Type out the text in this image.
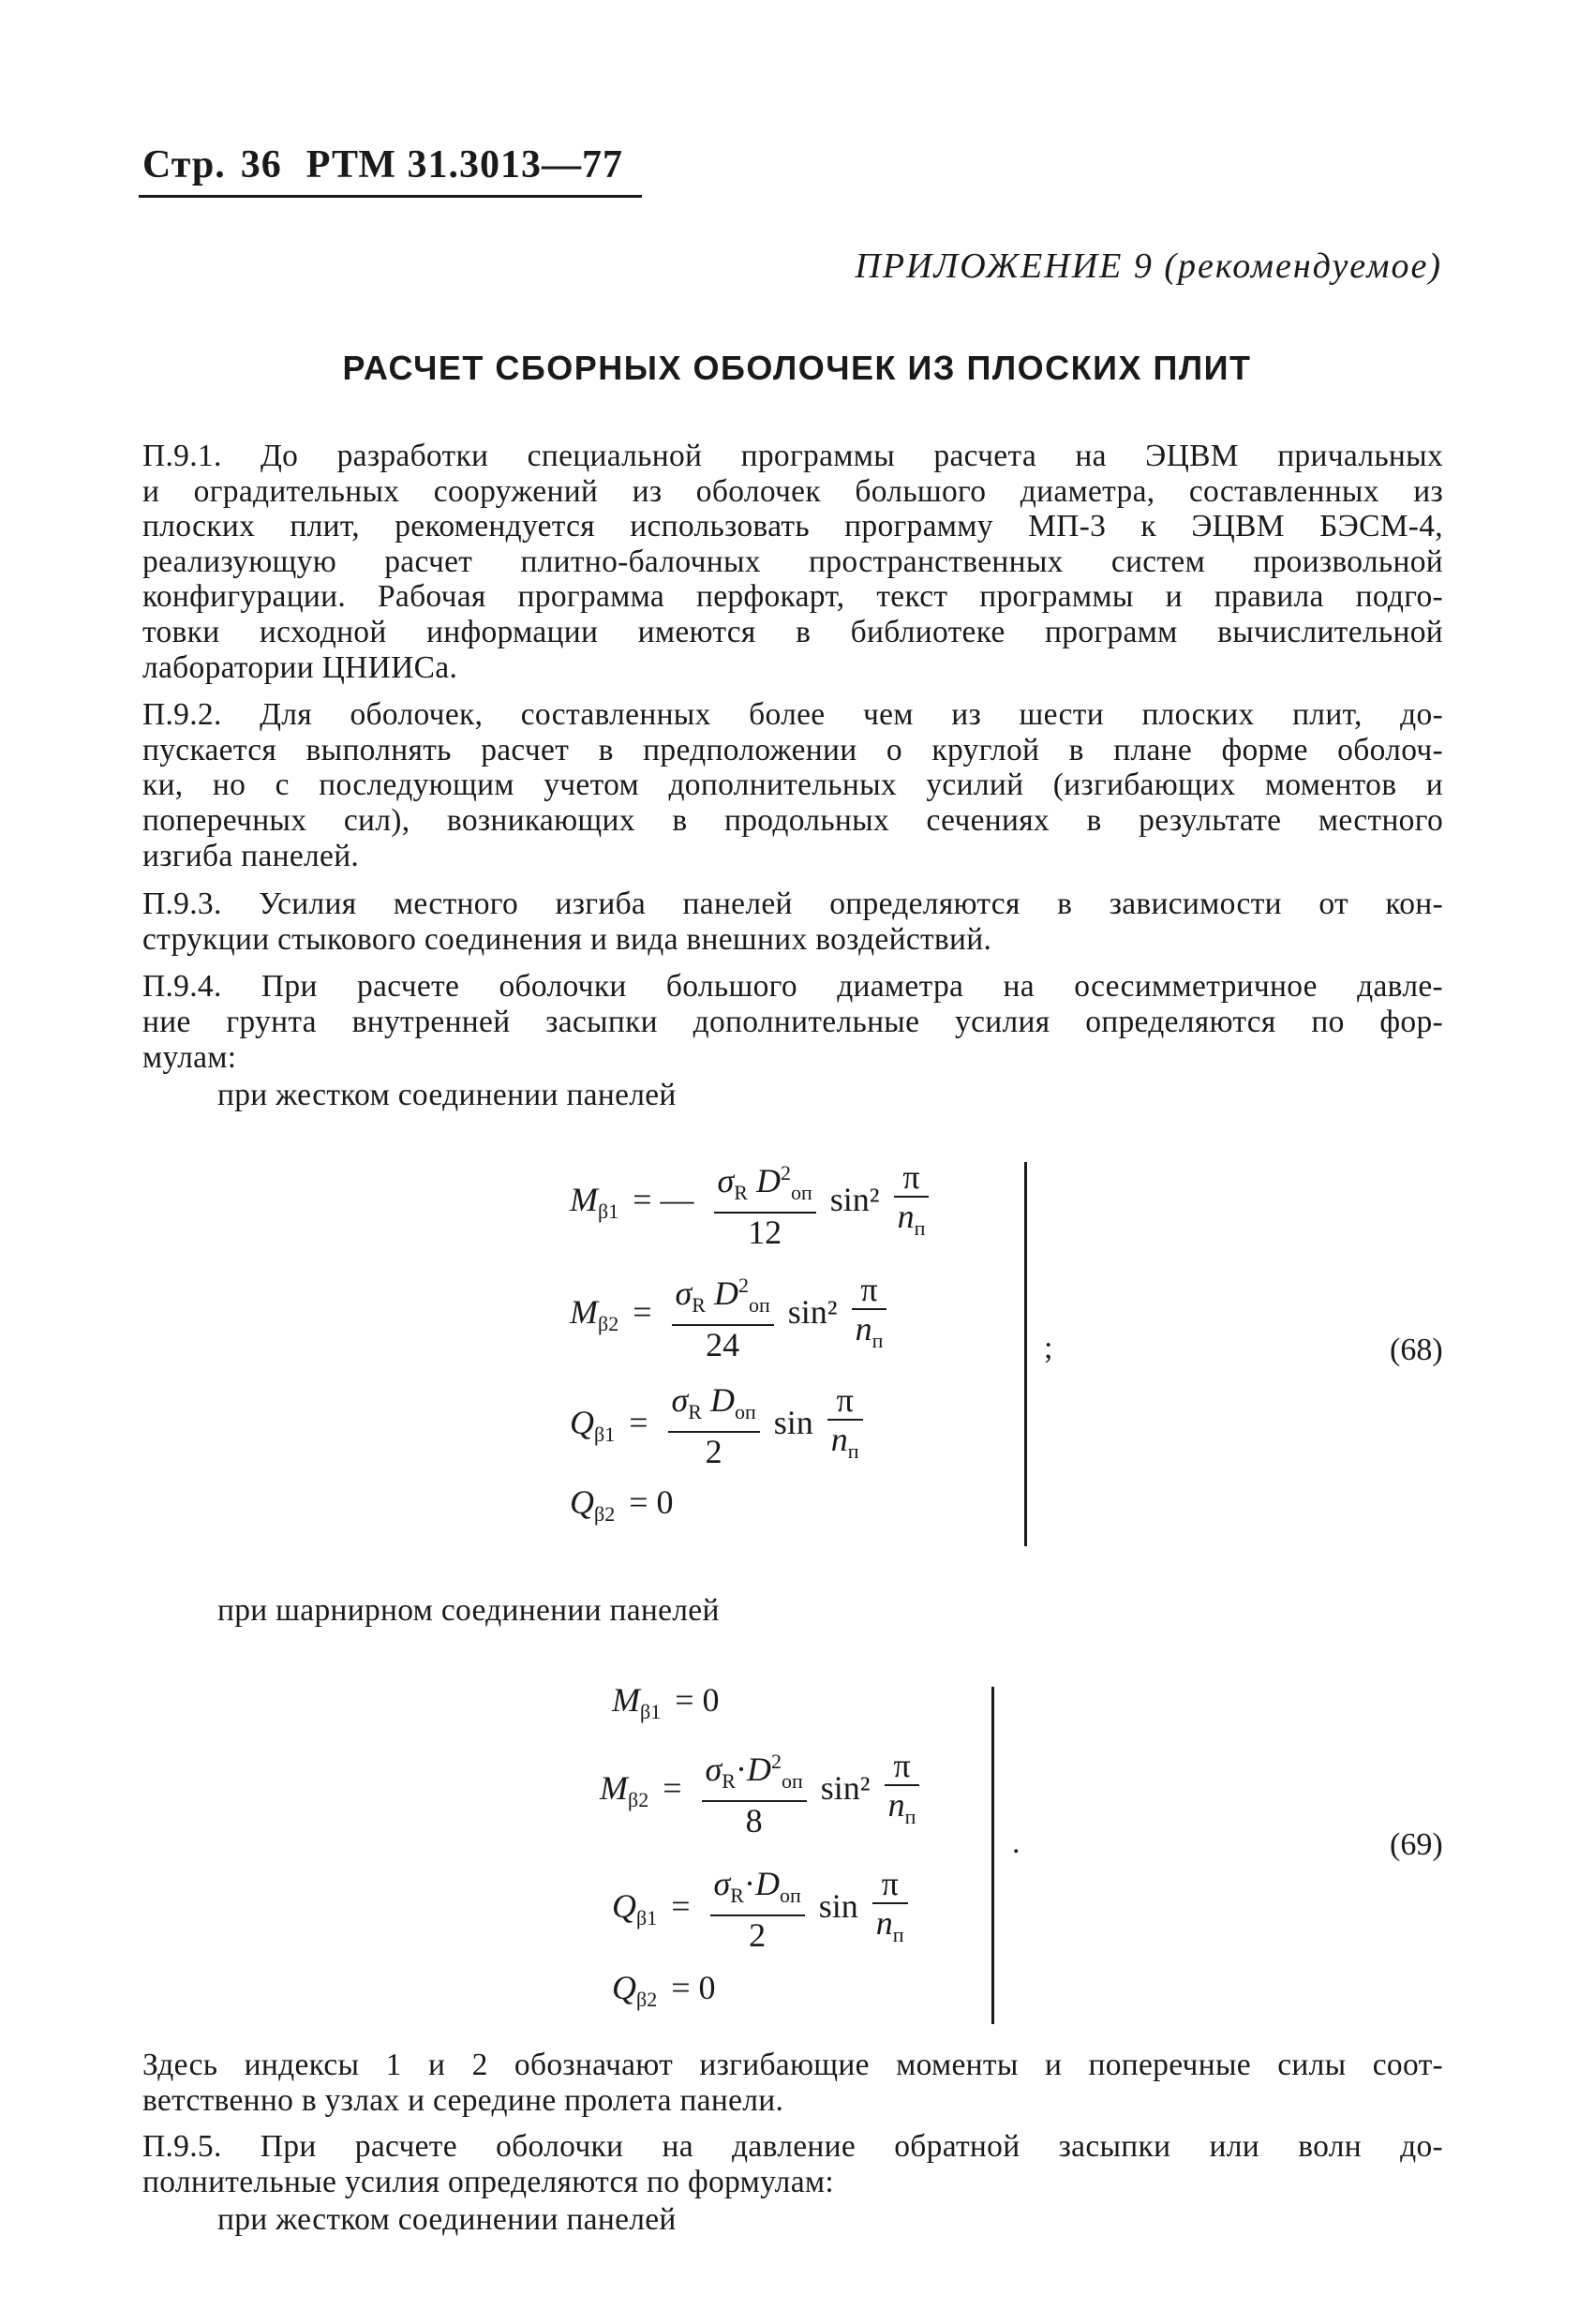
Стр. 36 РТМ 31.3013—77
ПРИЛОЖЕНИЕ 9 (рекомендуемое)
РАСЧЕТ СБОРНЫХ ОБОЛОЧЕК ИЗ ПЛОСКИХ ПЛИТ
П.9.1. До разработки специальной программы расчета на ЭЦВМ причальных
и оградительных сооружений из оболочек большого диаметра, составленных из
плоских плит, рекомендуется использовать программу МП-3 к ЭЦВМ БЭСМ-4,
реализующую расчет плитно-балочных пространственных систем произвольной
конфигурации. Рабочая программа перфокарт, текст программы и правила подго-
товки исходной информации имеются в библиотеке программ вычислительной
лаборатории ЦНИИСа.
П.9.2. Для оболочек, составленных более чем из шести плоских плит, до-
пускается выполнять расчет в предположении о круглой в плане форме оболоч-
ки, но с последующим учетом дополнительных усилий (изгибающих моментов и
поперечных сил), возникающих в продольных сечениях в результате местного
изгиба панелей.
П.9.3. Усилия местного изгиба панелей определяются в зависимости от кон-
струкции стыкового соединения и вида внешних воздействий.
П.9.4. При расчете оболочки большого диаметра на осесимметричное давле-
ние грунта внутренней засыпки дополнительные усилия определяются по фор-
мулам:
при жестком соединении панелей
$M_{\beta 1}$ = — $\frac{\sigma_R D^2_{оп}}{12} \sin^2 \frac{\pi}{n_п}$
$M_{\beta 2} = \frac{\sigma_R D^2_{оп}}{24} \sin^2 \frac{\pi}{n_п}$
$Q_{\beta 1} = \frac{\sigma_R D_{оп}}{2}$ $\sin \frac{\pi}{n_п}$
$Q_{\beta 2} = 0$
;	(68)
при шарнирном соединении панелей
$M_{\beta 1} = 0$
$M_{\beta 2} = \frac{\sigma_R\cdot D^2_{оп}}{8} \sin^2 \frac{\pi}{n_п}$
$Q_{\beta 1} = \frac{\sigma_R\cdot D_{оп}}{2}$ $\sin \frac{\pi}{n_п}$
$Q_{\beta 2} = 0$
.	(69)
Здесь индексы 1 и 2 обозначают изгибающие моменты и поперечные силы соот-
ветственно в узлах и середине пролета панели.
П.9.5. При расчете оболочки на давление обратной засыпки или волн до-
полнительные усилия определяются по формулам:
при жестком соединении панелей
